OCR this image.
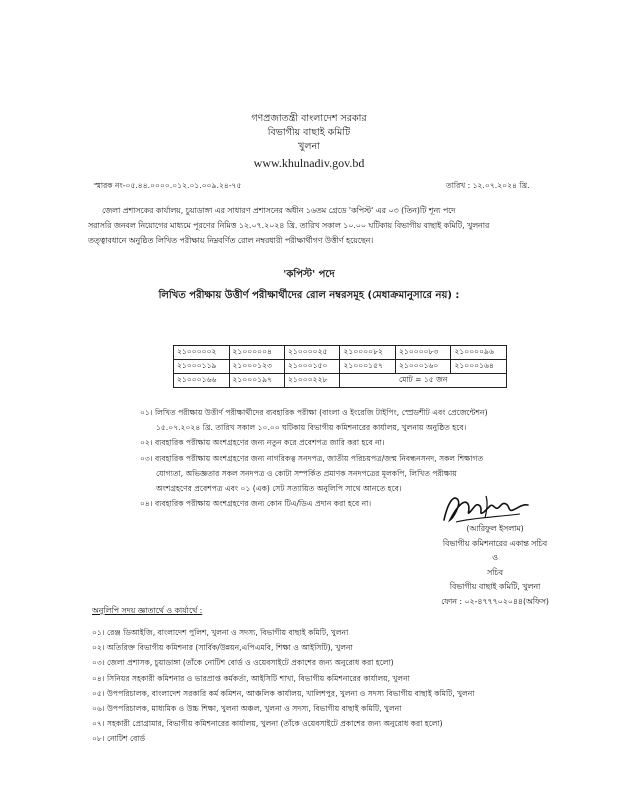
গণপ্রজাতন্ত্রী বাংলাদেশ সরকার
বিভাগীয় বাছাই কমিটি
খুলনা
www.khulnadiv.gov.bd
স্মারক নং-০৫.৪৪.০০০০.০১২.০১.০০৯.২৪-৭৫	তারিখ : ১২.০৭.২০২৪ খ্রি.
জেলা প্রশাসকের কার্যালয়, চুয়াডাঙ্গা এর সাধারণ প্রশাসনের অধীন ১৬তম গ্রেডে 'কপিস্ট' এর ০৩ (তিন)টি শূন্য পদে
সরাসরি জনবল নিয়োগের মাধ্যমে পূরণের নিমিত্ত ১২.০৭.২০২৪ খ্রি. তারিখ সকাল ১০.০০ ঘটিকায় বিভাগীয় বাছাই কমিটি, খুলনার
তত্ত্বাবধানে অনুষ্ঠিত লিখিত পরীক্ষায় নিম্নবর্ণিত রোল নম্বরধারী পরীক্ষার্থীগণ উত্তীর্ণ হয়েছেন।
'কপিস্ট' পদে
লিখিত পরীক্ষায় উত্তীর্ণ পরীক্ষার্থীদের রোল নম্বরসমূহ (মেধাক্রমানুসারে নয়) :
২১০০০০০২	২১০০০০০৪	২১০০০০২৫	২১০০০০৮২	২১০০০০৮৩	২১০০০০৯৬
২১০০০১১৯	২১০০০১২৩	২১০০০১৫০	২১০০০১৫৭	২১০০০১৬০	২১০০০১৬৪
২১০০০১৬৬	২১০০০১৯৭	২১০০০২২৮	মোট = ১৫ জন		
০১। লিখিত পরীক্ষায় উত্তীর্ণ পরীক্ষার্থীদের ব্যবহারিক পরীক্ষা (বাংলা ও ইংরেজি টাইপিং, স্প্রেডশীট এবং প্রেজেন্টেশন)
১৫.০৭.২০২৪ খ্রি. তারিখ সকাল ১০.০০ ঘটিকায় বিভাগীয় কমিশনারের কার্যালয়, খুলনায় অনুষ্ঠিত হবে।
০২। ব্যবহারিক পরীক্ষায় অংশগ্রহণের জন্য নতুন করে প্রবেশপত্র জারি করা হবে না।
০৩। ব্যবহারিক পরীক্ষায় অংশগ্রহণের জন্য নাগরিকত্ব সনদপত্র, জাতীয় পরিচয়পত্র/জন্ম নিবন্ধনসনদ, সকল শিক্ষাগত
যোগ্যতা, অভিজ্ঞতার সকল সনদপত্র ও কোটা সম্পর্কিত প্রমাণক সনদপত্রের মূলকপি, লিখিত পরীক্ষায়
অংশগ্রহণের প্রবেশপত্র এবং ০১ (এক) সেট সত্যায়িত অনুলিপি সাথে আনতে হবে।
০৪। ব্যবহারিক পরীক্ষায় অংশগ্রহণের জন্য কোন টিএ/ডিএ প্রদান করা হবে না।
(আরিফুল ইসলাম)
বিভাগীয় কমিশনারের একান্ত সচিব
ও
সচিব
বিভাগীয় বাছাই কমিটি, খুলনা
ফোন : ০২-৪৭৭৭০২০৪৪(অফিস)
অনুলিপি সদয় জ্ঞাতার্থে ও কার্যার্থে :
০১। রেঞ্জ ডিআইজি, বাংলাদেশ পুলিশ, খুলনা ও সদস্য, বিভাগীয় বাছাই কমিটি, খুলনা
০২। অতিরিক্ত বিভাগীয় কমিশনার (সার্বিক/উন্নয়ন,এপিএমবি, শিক্ষা ও আইসিটি), খুলনা
০৩। জেলা প্রশাসক, চুয়াডাঙ্গা (তাঁকে নোটিশ বোর্ড ও ওয়েবসাইটে প্রকাশের জন্য অনুরোধ করা হলো)
০৪। সিনিয়র সহকারী কমিশনার ও ভারপ্রাপ্ত কর্মকর্তা, আইসিটি শাখা, বিভাগীয় কমিশনারের কার্যালয়, খুলনা
০৫। উপপরিচালক, বাংলাদেশ সরকারি কর্ম কমিশন, আঞ্চলিক কার্যালয়, খালিশপুর, খুলনা ও সদস্য বিভাগীয় বাছাই কমিটি, খুলনা
০৬। উপপরিচালক, মাধ্যমিক ও উচ্চ শিক্ষা, খুলনা অঞ্চল, খুলনা ও সদস্য, বিভাগীয় বাছাই কমিটি, খুলনা
০৭। সহকারী প্রোগ্রামার, বিভাগীয় কমিশনারের কার্যালয়, খুলনা (তাঁকে ওয়েবসাইটে প্রকাশের জন্য অনুরোধ করা হলো)
০৮। নোটিশ বোর্ড
